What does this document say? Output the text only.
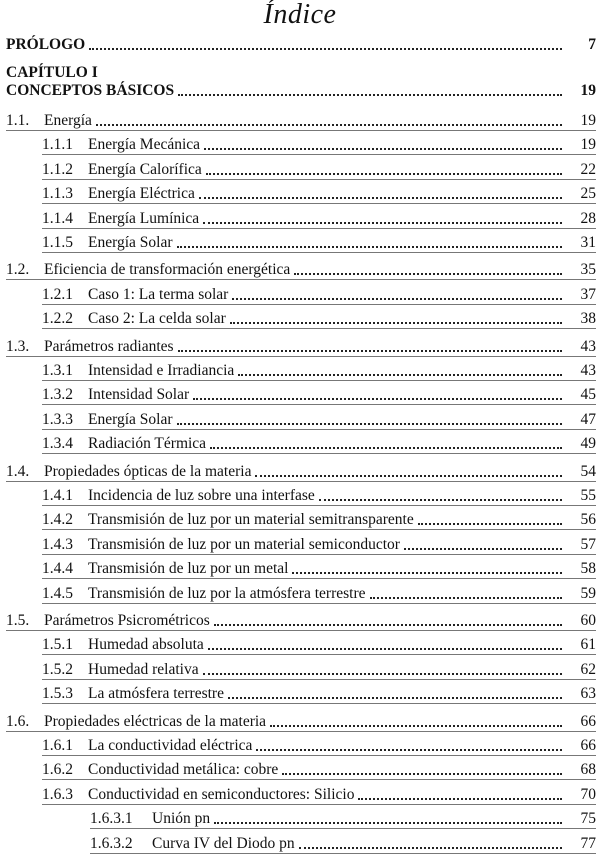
Índice
PRÓLOGO	7
CAPÍTULO I
CONCEPTOS BÁSICOS	19
1.1. Energía	19
1.1.1 Energía Mecánica	19
1.1.2 Energía Calorífica	22
1.1.3 Energía Eléctrica	25
1.1.4 Energía Lumínica	28
1.1.5 Energía Solar	31
1.2. Eficiencia de transformación energética	35
1.2.1 Caso 1: La terma solar	37
1.2.2 Caso 2: La celda solar	38
1.3. Parámetros radiantes	43
1.3.1 Intensidad e Irradiancia	43
1.3.2 Intensidad Solar	45
1.3.3 Energía Solar	47
1.3.4 Radiación Térmica	49
1.4. Propiedades ópticas de la materia	54
1.4.1 Incidencia de luz sobre una interfase	55
1.4.2 Transmisión de luz por un material semitransparente	56
1.4.3 Transmisión de luz por un material semiconductor	57
1.4.4 Transmisión de luz por un metal	58
1.4.5 Transmisión de luz por la atmósfera terrestre	59
1.5. Parámetros Psicrométricos	60
1.5.1 Humedad absoluta	61
1.5.2 Humedad relativa	62
1.5.3 La atmósfera terrestre	63
1.6. Propiedades eléctricas de la materia	66
1.6.1 La conductividad eléctrica	66
1.6.2 Conductividad metálica: cobre	68
1.6.3 Conductividad en semiconductores: Silicio	70
1.6.3.1	Unión pn	75
1.6.3.2	Curva IV del Diodo pn	77
